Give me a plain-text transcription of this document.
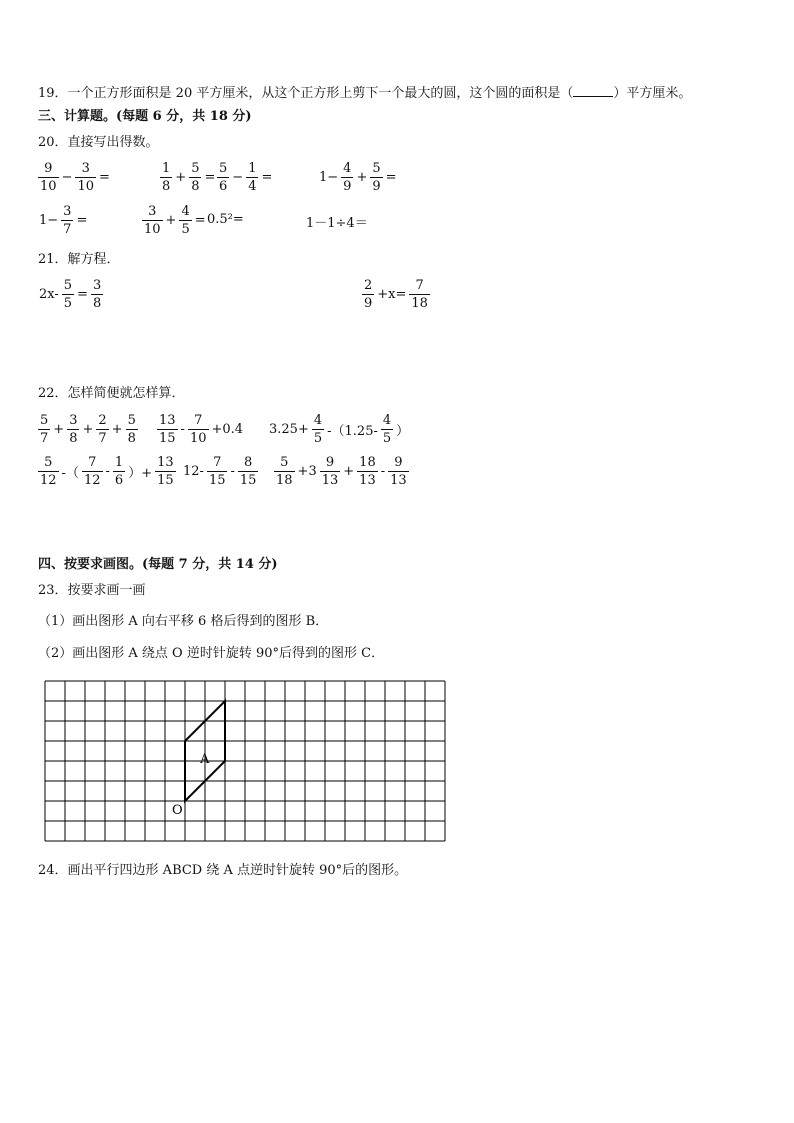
19．一个正方形面积是 20 平方厘米，从这个正方形上剪下一个最大的圆，这个圆的面积是（	）平方厘米。
三、计算题。(每题 6 分，共 18 分)
20．直接写出得数。
$\frac{9}{10} - \frac{3}{10}$ =	$\frac{1}{8} + \frac{5}{8} = \frac{5}{6} - \frac{1}{4}$ =	$1- \frac{4}{9} + \frac{5}{9}$ =
$1- \frac{3}{7}$ =	$\frac{3}{10} + \frac{4}{5} = 0.5^2=$	1－1÷4＝
21．解方程．
$2x- \frac{5}{5} = \frac{3}{8}$	$\frac{2}{9} +x= \frac{7}{18}$
22．怎样简便就怎样算．
$\frac{5}{7} + \frac{3}{8} + \frac{2}{7} + \frac{5}{8} \frac{13}{15} - \frac{7}{10} +0.4$ $3.25+ \frac{4}{5} -(1.25- \frac{4}{5}$ ）
$\frac{5}{12}$ -（ $\frac{7}{12} - \frac{1}{6}$ ）+ $\frac{13}{15} 12- \frac{7}{15} - \frac{8}{15} \frac{5}{18} +3 \frac{9}{13} + \frac{18}{13} - \frac{9}{13}$
四、按要求画图。(每题 7 分，共 14 分)
23．按要求画一画
（1）画出图形 A 向右平移 6 格后得到的图形 B．
（2）画出图形 A 绕点 O 逆时针旋转 90°后得到的图形 C．
A
O
24．画出平行四边形 ABCD 绕 A 点逆时针旋转 90°后的图形。
